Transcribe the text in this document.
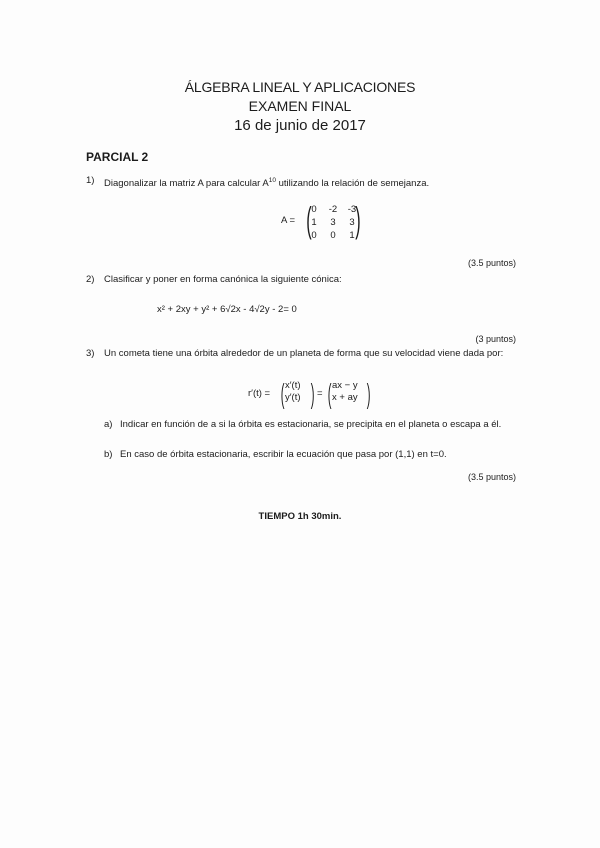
ÁLGEBRA LINEAL Y APLICACIONES
EXAMEN FINAL
16 de junio de 2017
PARCIAL 2
1) Diagonalizar la matriz A para calcular $A^{10}$ utilizando la relación de semejanza.
A = ( 0	-2	-3
1	3	3
0	0	1 )
(3.5 puntos)
2) Clasificar y poner en forma canónica la siguiente cónica:
x² + 2xy + y² + 6√2x - 4√2y - 2= 0
(3 puntos)
3) Un cometa tiene una órbita alrededor de un planeta de forma que su velocidad viene dada por:
r′(t) = ( x′(t)
y′(t) ) = ( ax − y
x + ay )
a) Indicar en función de a si la órbita es estacionaria, se precipita en el planeta o escapa a él.
b) En caso de órbita estacionaria, escribir la ecuación que pasa por (1,1) en t=0.
(3.5 puntos)
TIEMPO 1h 30min.
